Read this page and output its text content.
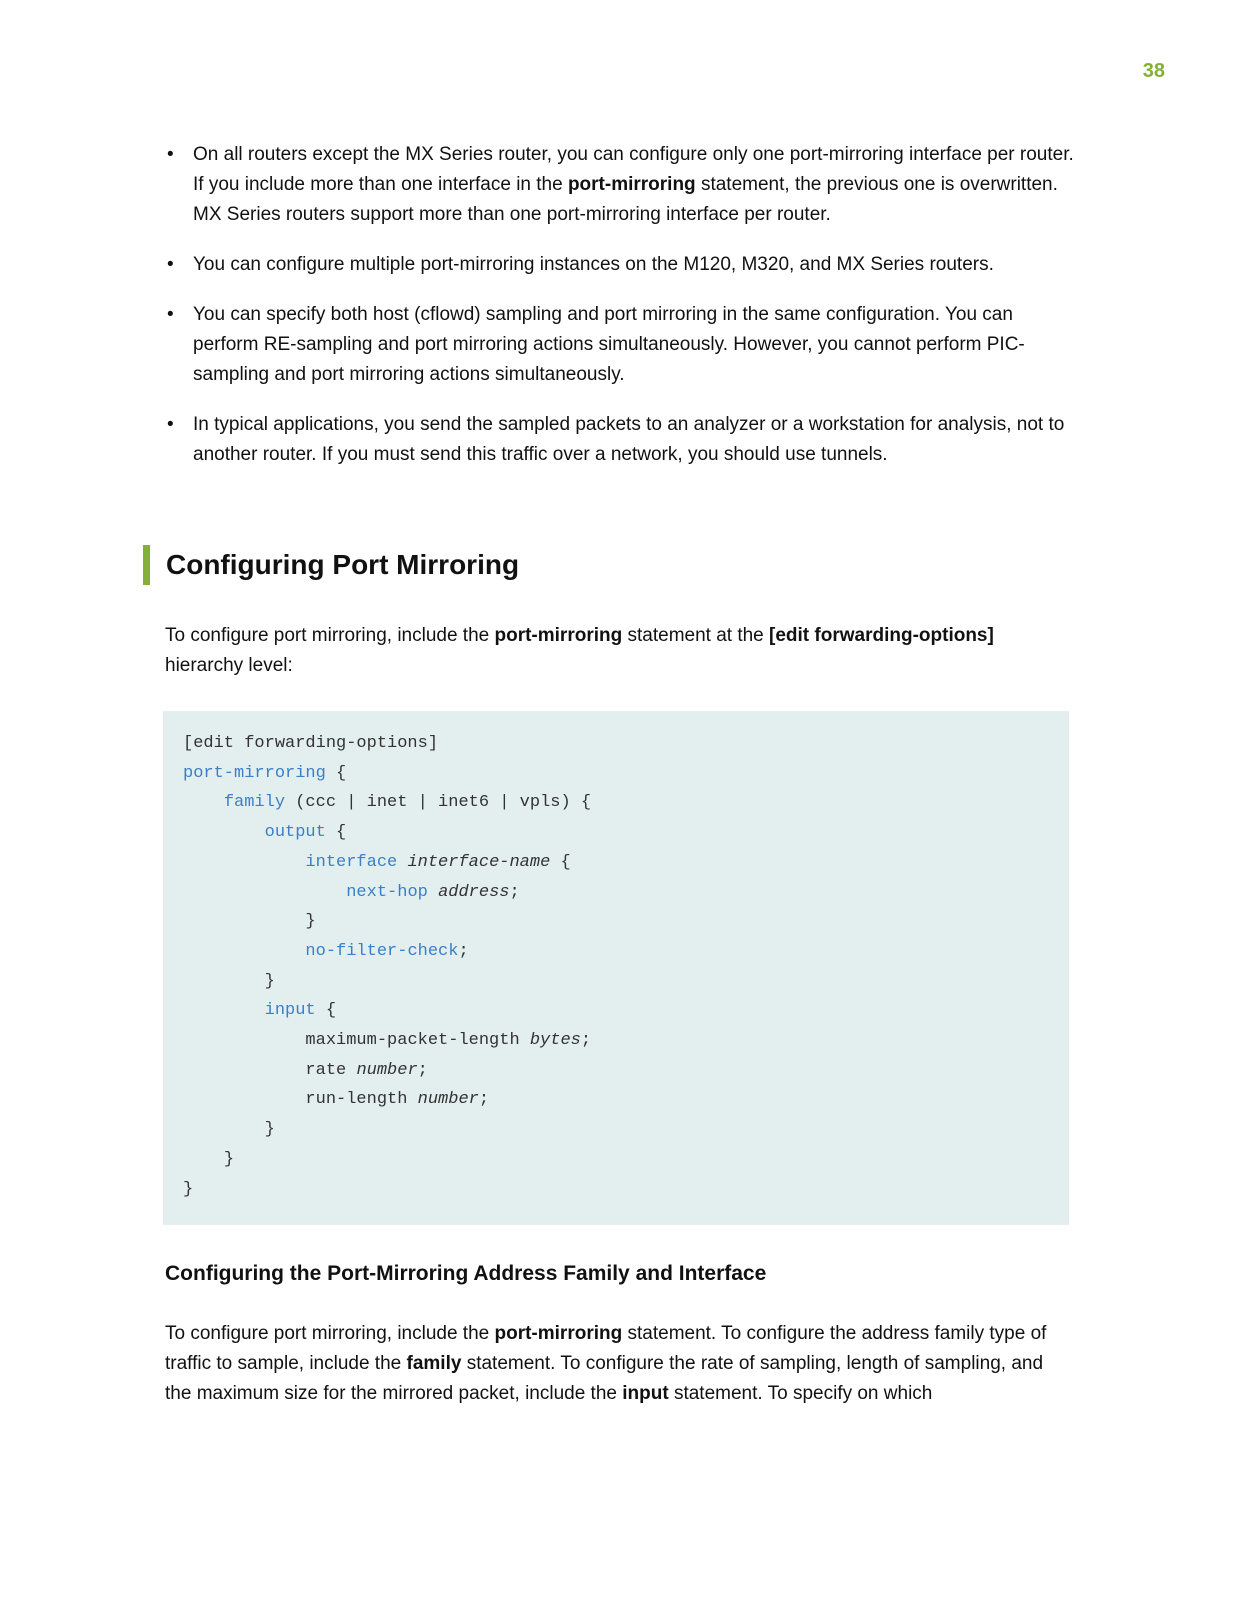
38
• On all routers except the MX Series router, you can configure only one port-mirroring interface per router. If you include more than one interface in the port-mirroring statement, the previous one is overwritten. MX Series routers support more than one port-mirroring interface per router.
• You can configure multiple port-mirroring instances on the M120, M320, and MX Series routers.
• You can specify both host (cflowd) sampling and port mirroring in the same configuration. You can perform RE-sampling and port mirroring actions simultaneously. However, you cannot perform PIC-sampling and port mirroring actions simultaneously.
• In typical applications, you send the sampled packets to an analyzer or a workstation for analysis, not to another router. If you must send this traffic over a network, you should use tunnels.
Configuring Port Mirroring

To configure port mirroring, include the port-mirroring statement at the [edit forwarding-options] hierarchy level:

[edit forwarding-options]
port-mirroring {
family (ccc | inet | inet6 | vpls) {
output {
interface interface-name {
next-hop address;
}
no-filter-check;
}
input {
maximum-packet-length bytes;
rate number;
run-length number;
}
}
}
Configuring the Port-Mirroring Address Family and Interface

To configure port mirroring, include the port-mirroring statement. To configure the address family type of traffic to sample, include the family statement. To configure the rate of sampling, length of sampling, and the maximum size for the mirrored packet, include the input statement. To specify on which
